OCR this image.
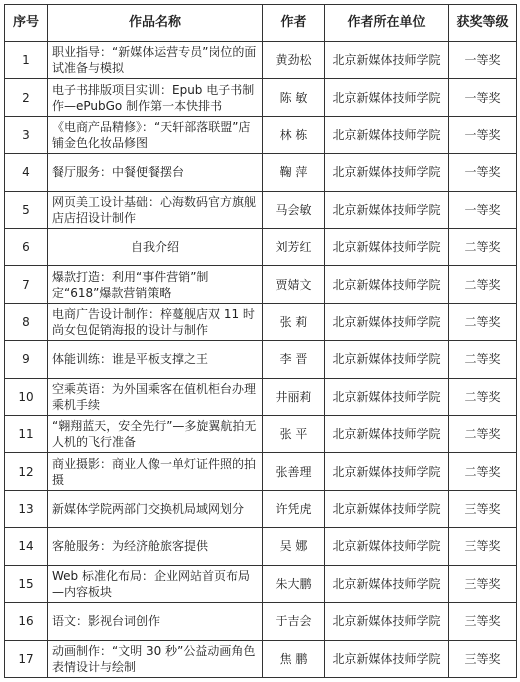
序号	作品名称	作者	作者所在单位	获奖等级
1	职业指导：“新媒体运营专员”岗位的面试准备与模拟	黄劲松	北京新媒体技师学院	一等奖
2	电子书排版项目实训：Epub 电子书制作—ePubGo 制作第一本快排书	陈 敏	北京新媒体技师学院	一等奖
3	《电商产品精修》：“天轩部落联盟”店铺金色化妆品修图	林 栋	北京新媒体技师学院	一等奖
4	餐厅服务：中餐便餐摆台	鞠 萍	北京新媒体技师学院	一等奖
5	网页美工设计基础：心海数码官方旗舰店店招设计制作	马会敏	北京新媒体技师学院	一等奖
6	自我介绍	刘芳红	北京新媒体技师学院	二等奖
7	爆款打造：利用“事件营销”制定“618”爆款营销策略	贾婧文	北京新媒体技师学院	二等奖
8	电商广告设计制作：梓蔓舰店双 11 时尚女包促销海报的设计与制作	张 莉	北京新媒体技师学院	二等奖
9	体能训练：谁是平板支撑之王	李 晋	北京新媒体技师学院	二等奖
10	空乘英语：为外国乘客在值机柜台办理乘机手续	井丽莉	北京新媒体技师学院	二等奖
11	“翱翔蓝天，安全先行”—多旋翼航拍无人机的飞行准备	张 平	北京新媒体技师学院	二等奖
12	商业摄影：商业人像一单灯证件照的拍摄	张善理	北京新媒体技师学院	二等奖
13	新媒体学院两部门交换机局域网划分	许凭虎	北京新媒体技师学院	三等奖
14	客舱服务：为经济舱旅客提供	吴 娜	北京新媒体技师学院	三等奖
15	Web 标准化布局：企业网站首页布局—内容板块	朱大鹏	北京新媒体技师学院	三等奖
16	语文：影视台词创作	于吉会	北京新媒体技师学院	三等奖
17	动画制作：“文明 30 秒”公益动画角色表情设计与绘制	焦 鹏	北京新媒体技师学院	三等奖
